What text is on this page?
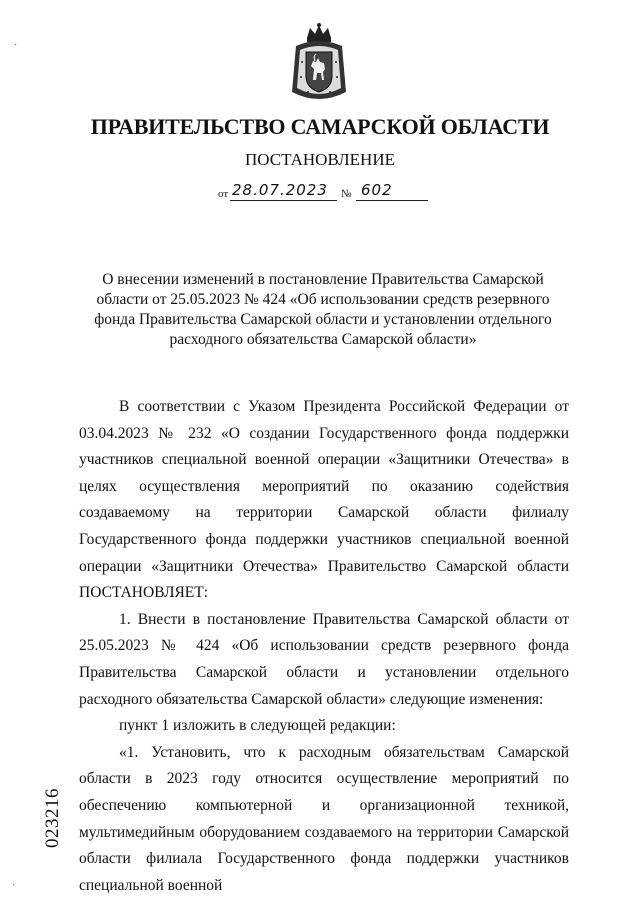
ПРАВИТЕЛЬСТВО САМАРСКОЙ ОБЛАСТИ
ПОСТАНОВЛЕНИЕ
от 28.07.2023 № 602
О внесении изменений в постановление Правительства Самарской области от 25.05.2023 № 424 «Об использовании средств резервного фонда Правительства Самарской области и установлении отдельного расходного обязательства Самарской области»

В соответствии с Указом Президента Российской Федерации от 03.04.2023 № 232 «О создании Государственного фонда поддержки участников специальной военной операции «Защитники Отечества» в целях осуществления мероприятий по оказанию содействия создаваемому на территории Самарской области филиалу Государственного фонда поддержки участников специальной военной операции «Защитники Отечества» Правительство Самарской области ПОСТАНОВЛЯЕТ:

1. Внести в постановление Правительства Самарской области от 25.05.2023 № 424 «Об использовании средств резервного фонда Правительства Самарской области и установлении отдельного расходного обязательства Самарской области» следующие изменения:

пункт 1 изложить в следующей редакции:

«1. Установить, что к расходным обязательствам Самарской области в 2023 году относится осуществление мероприятий по обеспечению компьютерной и организационной техникой, мультимедийным оборудованием создаваемого на территории Самарской области филиала Государственного фонда поддержки участников специальной военной

023216
·
·
